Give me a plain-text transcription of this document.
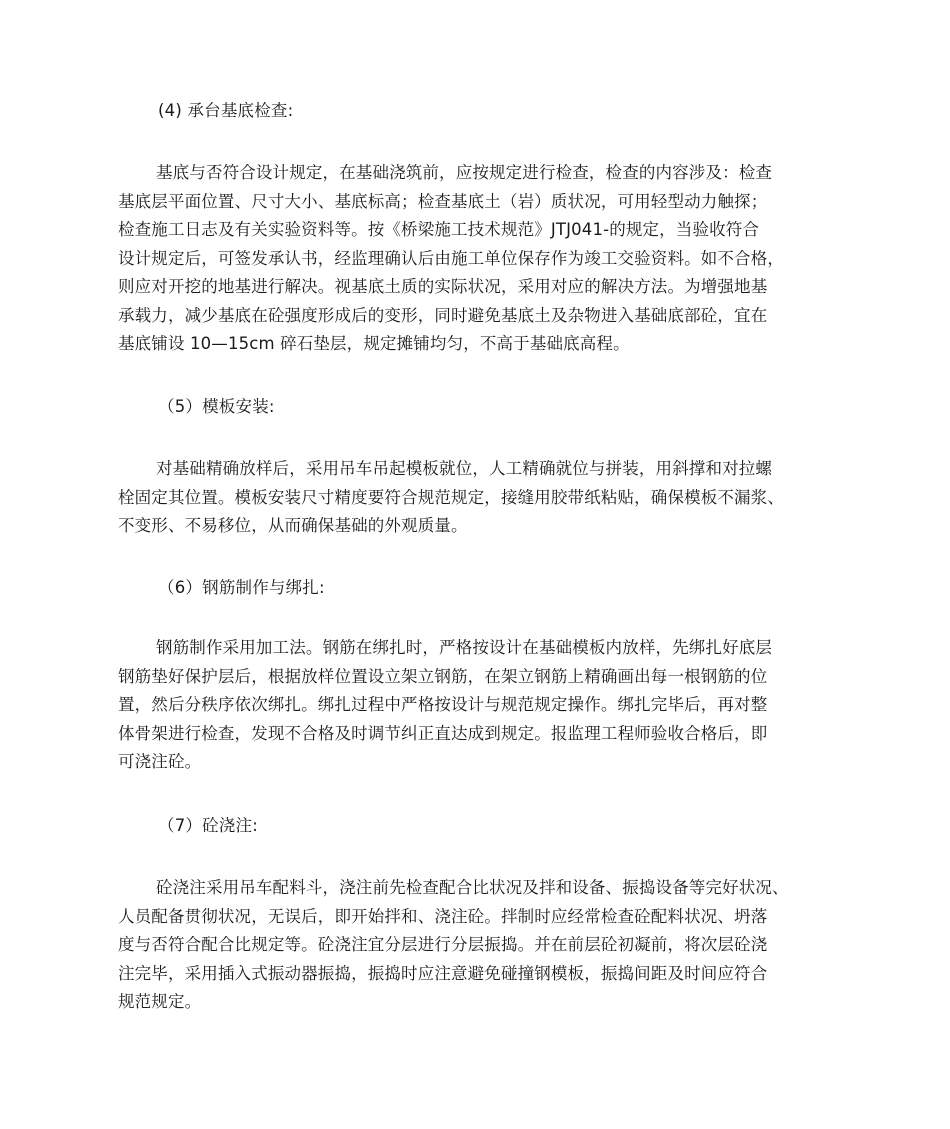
(4) 承台基底检查:
基底与否符合设计规定，在基础浇筑前，应按规定进行检查，检查的内容涉及：检查
基底层平面位置、尺寸大小、基底标高；检查基底土（岩）质状况，可用轻型动力触探；
检查施工日志及有关实验资料等。按《桥梁施工技术规范》JTJ041-的规定，当验收符合
设计规定后，可签发承认书，经监理确认后由施工单位保存作为竣工交验资料。如不合格，
则应对开挖的地基进行解决。视基底土质的实际状况，采用对应的解决方法。为增强地基
承载力，减少基底在砼强度形成后的变形，同时避免基底土及杂物进入基础底部砼，宜在
基底铺设 10—15cm 碎石垫层，规定摊铺均匀，不高于基础底高程。
（5）模板安装:
对基础精确放样后，采用吊车吊起模板就位，人工精确就位与拼装，用斜撑和对拉螺
栓固定其位置。模板安装尺寸精度要符合规范规定，接缝用胶带纸粘贴，确保模板不漏浆、
不变形、不易移位，从而确保基础的外观质量。
（6）钢筋制作与绑扎:
钢筋制作采用加工法。钢筋在绑扎时，严格按设计在基础模板内放样，先绑扎好底层
钢筋垫好保护层后，根据放样位置设立架立钢筋，在架立钢筋上精确画出每一根钢筋的位
置，然后分秩序依次绑扎。绑扎过程中严格按设计与规范规定操作。绑扎完毕后，再对整
体骨架进行检查，发现不合格及时调节纠正直达成到规定。报监理工程师验收合格后，即
可浇注砼。
（7）砼浇注:
砼浇注采用吊车配料斗，浇注前先检查配合比状况及拌和设备、振捣设备等完好状况、
人员配备贯彻状况，无误后，即开始拌和、浇注砼。拌制时应经常检查砼配料状况、坍落
度与否符合配合比规定等。砼浇注宜分层进行分层振捣。并在前层砼初凝前，将次层砼浇
注完毕，采用插入式振动器振捣，振捣时应注意避免碰撞钢模板，振捣间距及时间应符合
规范规定。
